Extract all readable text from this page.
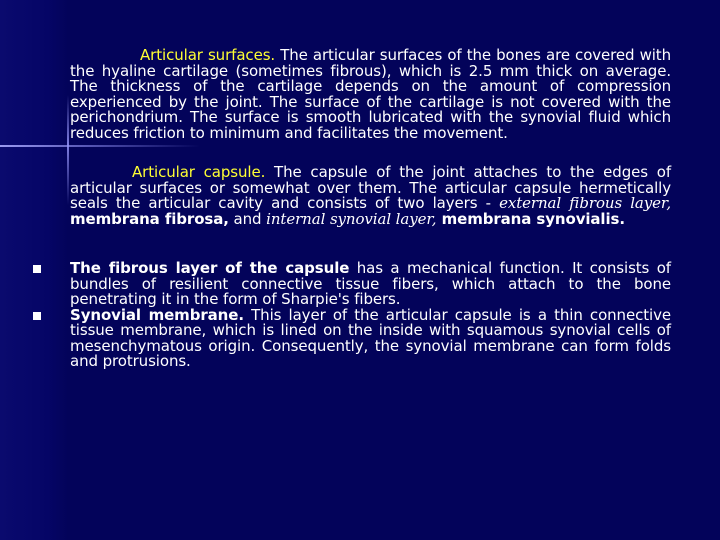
Articular surfaces. The articular surfaces of the bones are covered with the hyaline cartilage (sometimes fibrous), which is 2.5 mm thick on average. The thickness of the cartilage depends on the amount of compression experienced by the joint. The surface of the cartilage is not covered with the perichondrium. The surface is smooth lubricated with the synovial fluid which reduces friction to minimum and facilitates the movement.

Articular capsule. The capsule of the joint attaches to the edges of articular surfaces or somewhat over them. The articular capsule hermetically seals the articular cavity and consists of two layers - external fibrous layer, membrana fibrosa, and internal synovial layer, membrana synovialis.

The fibrous layer of the capsule has a mechanical function. It consists of bundles of resilient connective tissue fibers, which attach to the bone penetrating it in the form of Sharpie's fibers.
Synovial membrane. This layer of the articular capsule is a thin connective tissue membrane, which is lined on the inside with squamous synovial cells of mesenchymatous origin. Consequently, the synovial membrane can form folds and protrusions.
